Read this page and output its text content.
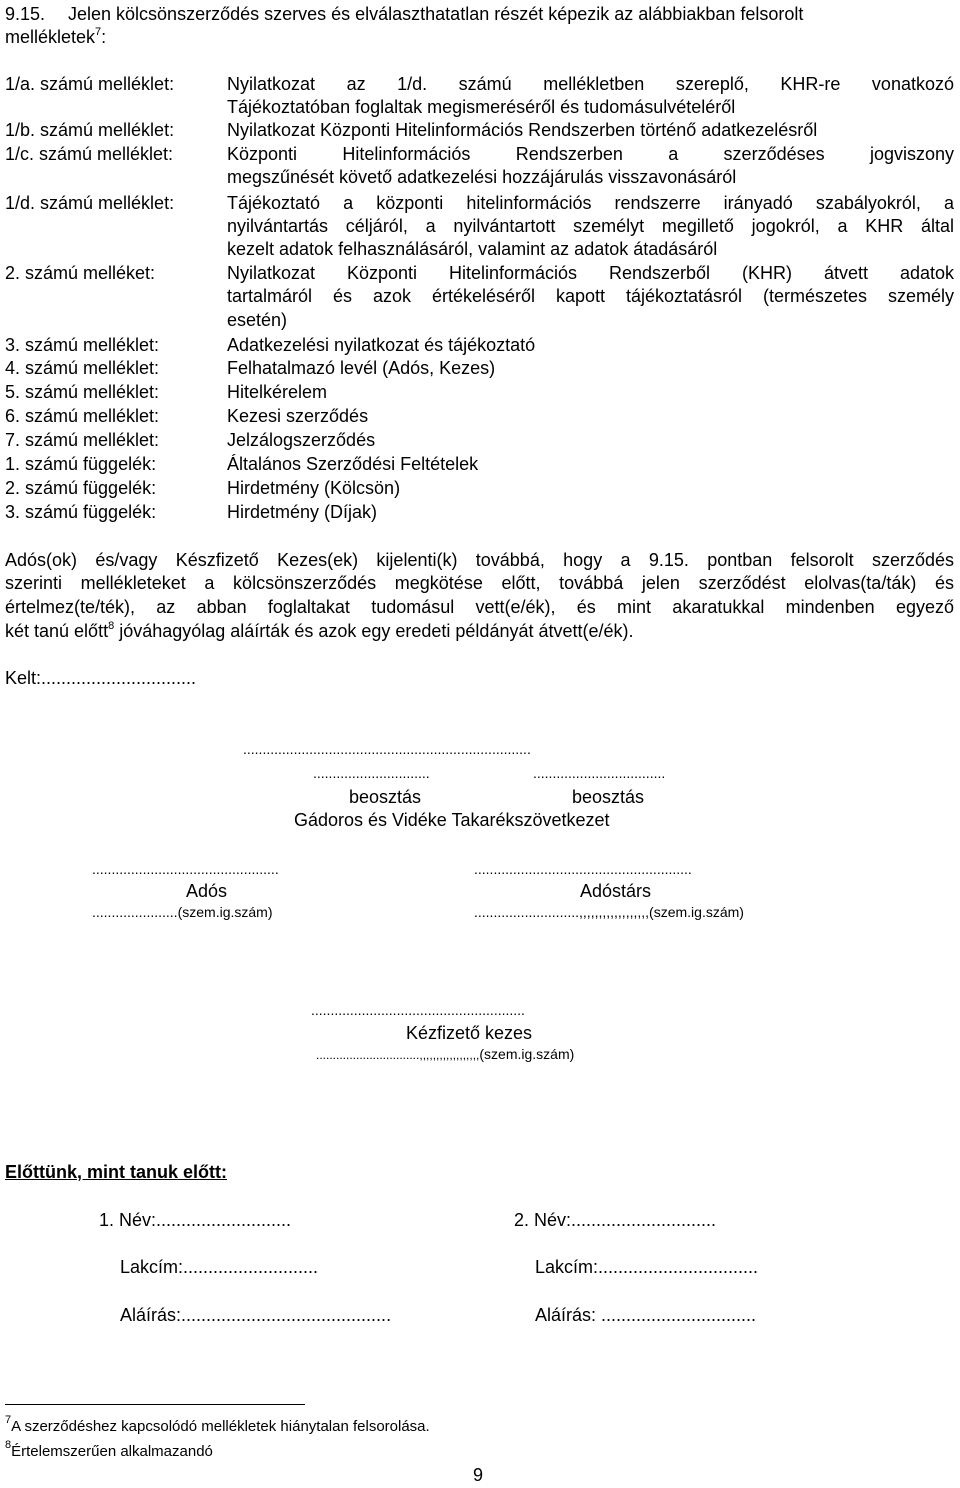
9.15. Jelen kölcsönszerződés szerves és elválaszthatatlan részét képezik az alábbiakban felsorolt
mellékletek$^7$:
1/a. számú melléklet:	Nyilatkozat az 1/d. számú mellékletben szereplő, KHR-re vonatkozó
Tájékoztatóban foglaltak megismeréséről és tudomásulvételéről
1/b. számú melléklet:	Nyilatkozat Központi Hitelinformációs Rendszerben történő adatkezelésről
1/c. számú melléklet:	Központi Hitelinformációs Rendszerben a szerződéses jogviszony
megszűnését követő adatkezelési hozzájárulás visszavonásáról
1/d. számú melléklet:	Tájékoztató a központi hitelinformációs rendszerre irányadó szabályokról, a
nyilvántartás céljáról, a nyilvántartott személyt megillető jogokról, a KHR által
kezelt adatok felhasználásáról, valamint az adatok átadásáról
2. számú melléket:	Nyilatkozat Központi Hitelinformációs Rendszerből (KHR) átvett adatok
tartalmáról és azok értékeléséről kapott tájékoztatásról (természetes személy
esetén)
3. számú melléklet:	Adatkezelési nyilatkozat és tájékoztató
4. számú melléklet:	Felhatalmazó levél (Adós, Kezes)
5. számú melléklet:	Hitelkérelem
6. számú melléklet:	Kezesi szerződés
7. számú melléklet:	Jelzálogszerződés
1. számú függelék:	Általános Szerződési Feltételek
2. számú függelék:	Hirdetmény (Kölcsön)
3. számú függelék:	Hirdetmény (Díjak)
Adós(ok) és/vagy Készfizető Kezes(ek) kijelenti(k) továbbá, hogy a 9.15. pontban felsorolt szerződés
szerinti mellékleteket a kölcsönszerződés megkötése előtt, továbbá jelen szerződést elolvas(ta/ták) és
értelmez(te/ték), az abban foglaltakat tudomásul vett(e/ék), és mint akaratukkal mindenben egyező
két tanú előtt$^8$ jóváhagyólag aláírták és azok egy eredeti példányát átvett(e/ék).
Kelt:...............................
..........................................................................
..............................	..................................
beosztás	beosztás
Gádoros és Vidéke Takarékszövetkezet
................................................	........................................................
Adós	Adóstárs
......................(szem.ig.szám)	...........................,,,,,,,,,,,,,,,,,,(szem.ig.szám)
.......................................................
Kézfizető kezes
...............................,,,,,,,,,,,,,,,,,,(szem.ig.szám)
Előttünk, mint tanuk előtt:
1. Név:...........................	2. Név:.............................
Lakcím:...........................	Lakcím:................................
Aláírás:..........................................	Aláírás: ...............................
$^7$A szerződéshez kapcsolódó mellékletek hiánytalan felsorolása.
$^8$Értelemszerűen alkalmazandó
9
